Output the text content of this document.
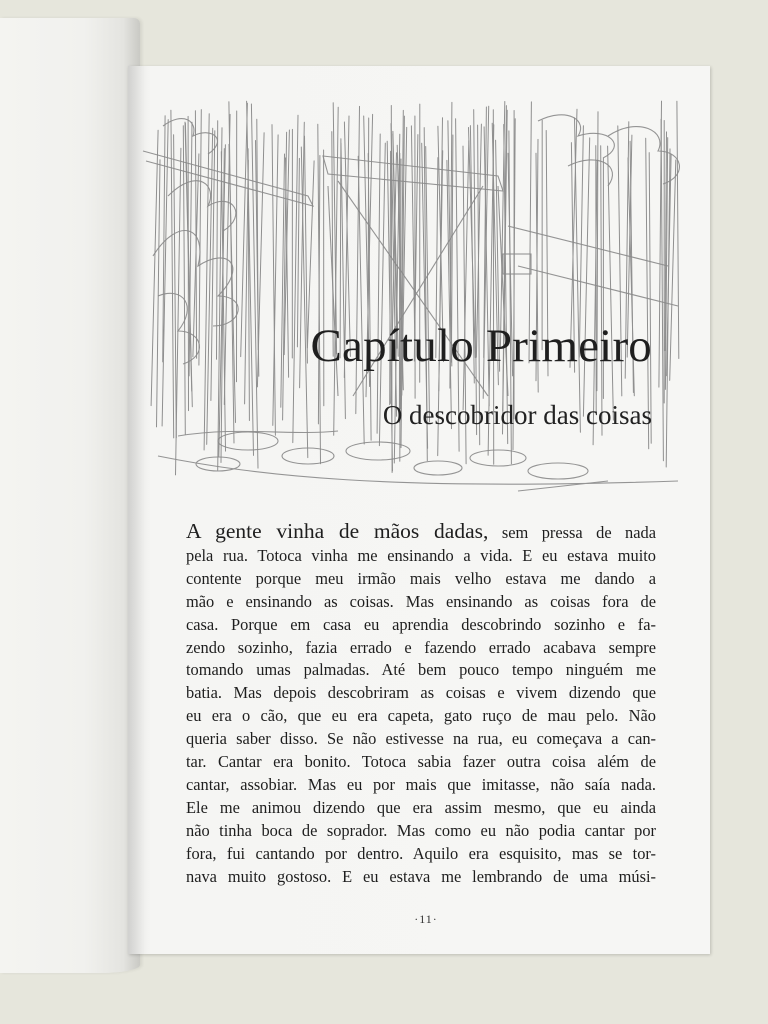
Capítulo Primeiro
O descobridor das coisas
A gente vinha de mãos dadas, sem pressa de nada
pela rua. Totoca vinha me ensinando a vida. E eu estava muito
contente porque meu irmão mais velho estava me dando a
mão e ensinando as coisas. Mas ensinando as coisas fora de
casa. Porque em casa eu aprendia descobrindo sozinho e fa-
zendo sozinho, fazia errado e fazendo errado acabava sempre
tomando umas palmadas. Até bem pouco tempo ninguém me
batia. Mas depois descobriram as coisas e vivem dizendo que
eu era o cão, que eu era capeta, gato ruço de mau pelo. Não
queria saber disso. Se não estivesse na rua, eu começava a can-
tar. Cantar era bonito. Totoca sabia fazer outra coisa além de
cantar, assobiar. Mas eu por mais que imitasse, não saía nada.
Ele me animou dizendo que era assim mesmo, que eu ainda
não tinha boca de soprador. Mas como eu não podia cantar por
fora, fui cantando por dentro. Aquilo era esquisito, mas se tor-
nava muito gostoso. E eu estava me lembrando de uma músi-
·11·
